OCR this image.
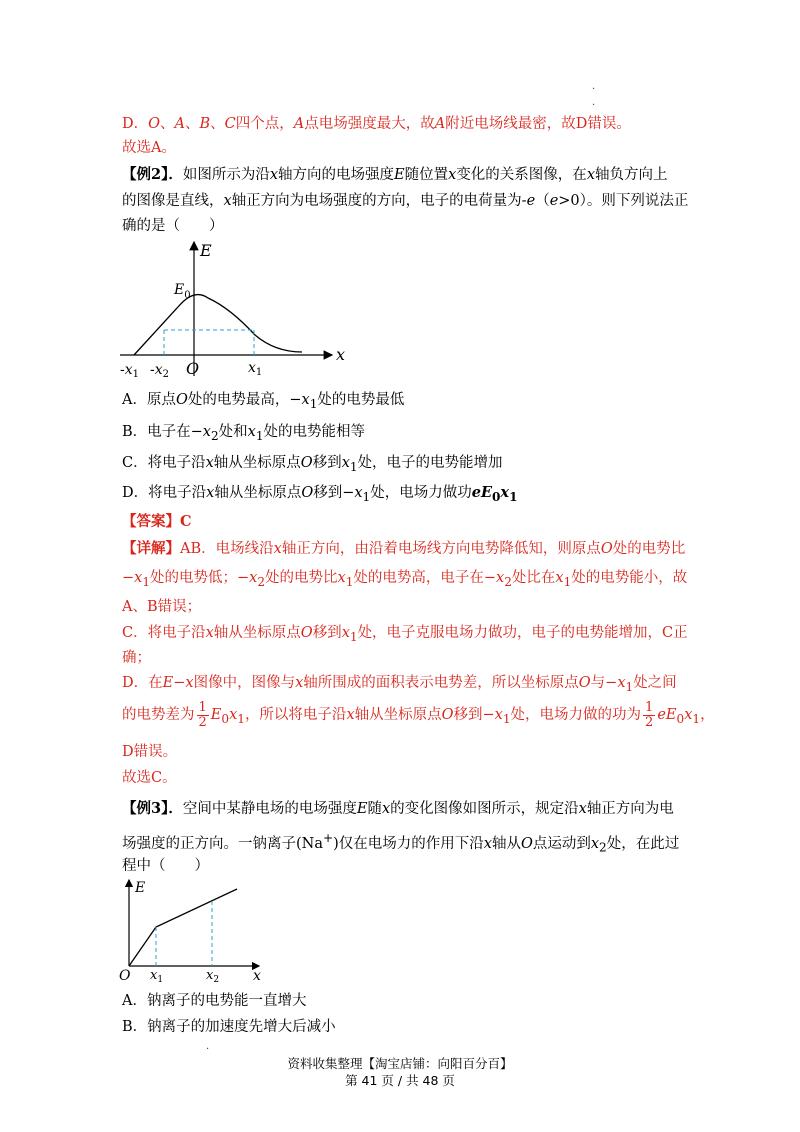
·
·
D．O、A、B、C四个点，A点电场强度最大，故A附近电场线最密，故D错误。
故选A。
【例2】．如图所示为沿x轴方向的电场强度E随位置x变化的关系图像，在x轴负方向上
的图像是直线，x轴正方向为电场强度的方向，电子的电荷量为-e（e>0）。则下列说法正
确的是（　　）
E
x
$E_0$
O
$-x_1$ $-x_2$	$x_1$
A．原点O处的电势最高，$-x_1$处的电势最低
B．电子在$-x_2$处和$x_1$处的电势能相等
C．将电子沿x轴从坐标原点O移到$x_1$处，电子的电势能增加
D．将电子沿x轴从坐标原点O移到$-x_1$处，电场力做功$eE_0x_1$
【答案】C
【详解】AB．电场线沿x轴正方向，由沿着电场线方向电势降低知，则原点O处的电势比
$-x_1$处的电势低；$-x_2$处的电势比$x_1$处的电势高，电子在$-x_2$处比在$x_1$处的电势能小，故
A、B错误；
C．将电子沿x轴从坐标原点O移到$x_1$处，电子克服电场力做功，电子的电势能增加，C正
确；
D．在E−x图像中，图像与x轴所围成的面积表示电势差，所以坐标原点O与$-x_1$处之间
的电势差为 $\frac{1}{2} E_0x_1$，所以将电子沿x轴从坐标原点O移到$-x_1$处，电场力做的功为 $\frac{1}{2} eE_0x_1$，
D错误。
故选C。
【例3】．空间中某静电场的电场强度E随x的变化图像如图所示，规定沿x轴正方向为电
场强度的正方向。一钠离子(Na+)仅在电场力的作用下沿x轴从O点运动到$x_2$处，在此过
程中（　　）
E
x
O $x_1$	$x_2$
A．钠离子的电势能一直增大
B．钠离子的加速度先增大后减小
·
资料收集整理【淘宝店铺：向阳百分百】
第 41 页 / 共 48 页
